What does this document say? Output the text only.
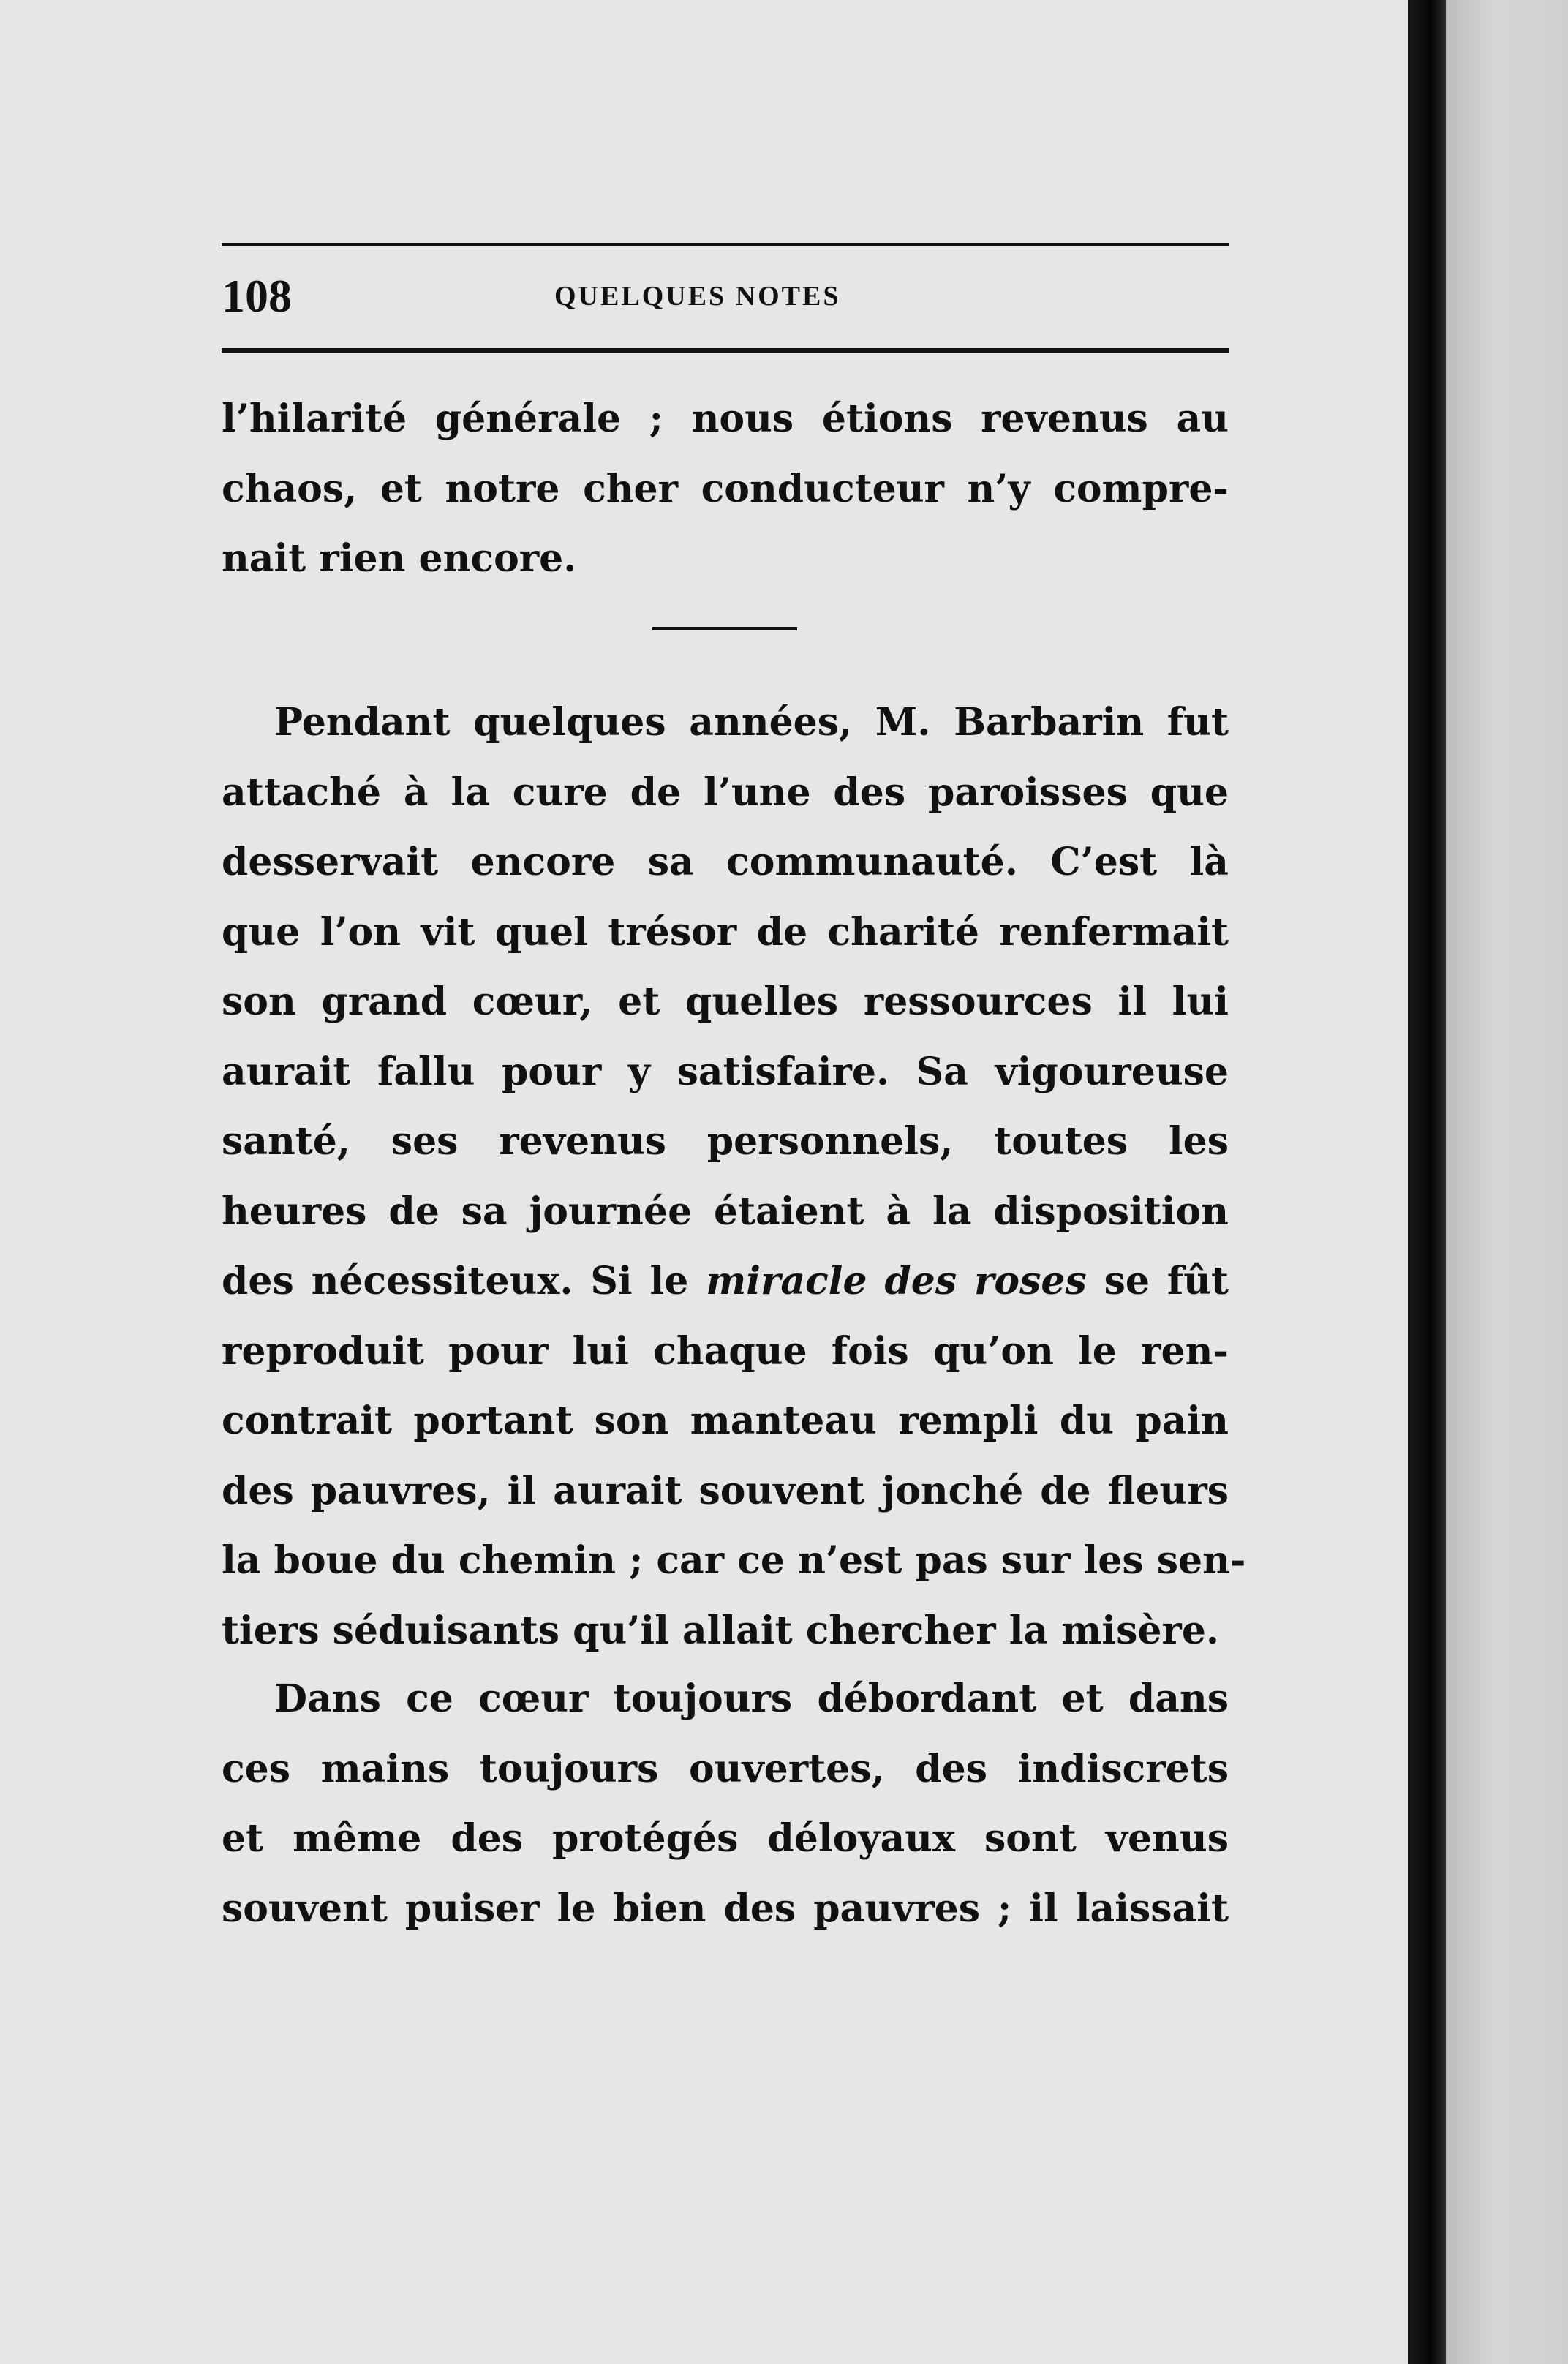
108	QUELQUES NOTES
l’hilarité générale ; nous étions revenus au
chaos, et notre cher conducteur n’y compre-
nait rien encore.
Pendant quelques années, M. Barbarin fut
attaché à la cure de l’une des paroisses que
desservait encore sa communauté. C’est là
que l’on vit quel trésor de charité renfermait
son grand cœur, et quelles ressources il lui
aurait fallu pour y satisfaire. Sa vigoureuse
santé, ses revenus personnels, toutes les
heures de sa journée étaient à la disposition
des nécessiteux. Si le miracle des roses se fût
reproduit pour lui chaque fois qu’on le ren-
contrait portant son manteau rempli du pain
des pauvres, il aurait souvent jonché de fleurs
la boue du chemin ; car ce n’est pas sur les sen-
tiers séduisants qu’il allait chercher la misère.
Dans ce cœur toujours débordant et dans
ces mains toujours ouvertes, des indiscrets
et même des protégés déloyaux sont venus
souvent puiser le bien des pauvres ; il laissait
